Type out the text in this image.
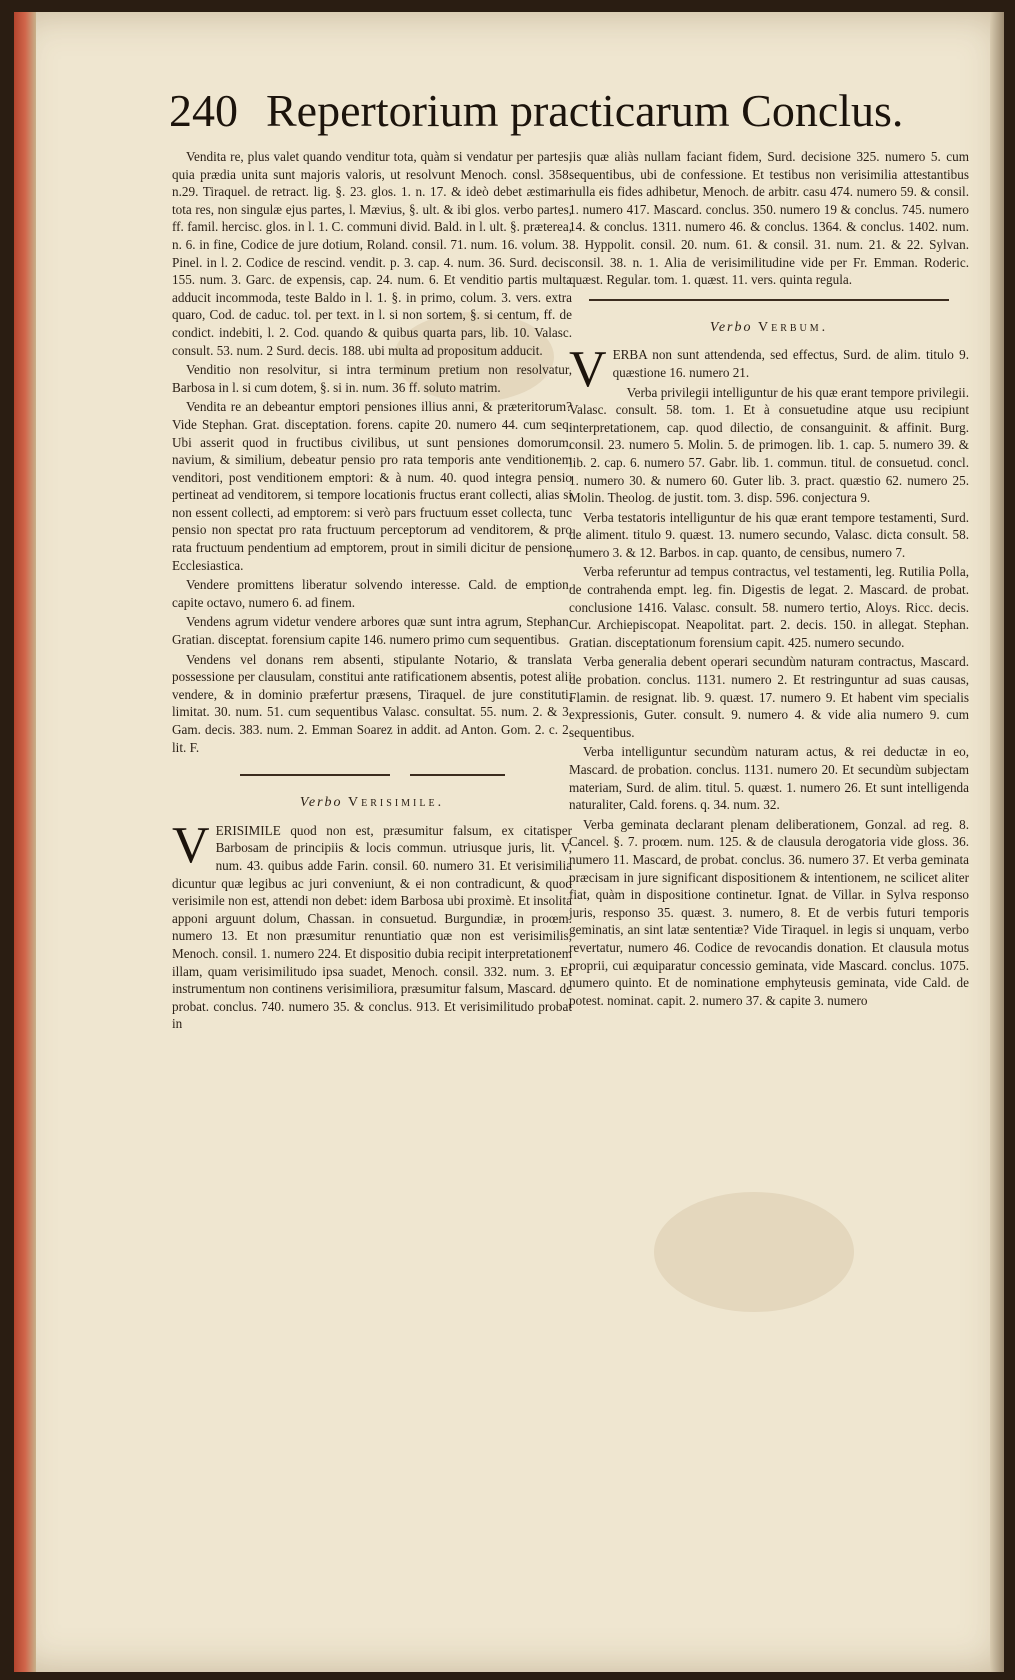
240 Repertorium practicarum Conclus.

Vendita re, plus valet quando venditur tota, quàm si vendatur per partes, quia prædia unita sunt majoris valoris, ut resolvunt Menoch. consl. 358. n.29. Tiraquel. de retract. lig. §. 23. glos. 1. n. 17. & ideò debet æstimari tota res, non singulæ ejus partes, l. Mævius, §. ult. & ibi glos. verbo partes, ff. famil. hercisc. glos. in l. 1. C. communi divid. Bald. in l. ult. §. præterea, n. 6. in fine, Codice de jure dotium, Roland. consil. 71. num. 16. volum. 3. Pinel. in l. 2. Codice de rescind. vendit. p. 3. cap. 4. num. 36. Surd. decis. 155. num. 3. Garc. de expensis, cap. 24. num. 6. Et venditio partis multa adducit incommoda, teste Baldo in l. 1. §. in primo, colum. 3. vers. extra quaro, Cod. de caduc. tol. per text. in l. si non sortem, §. si centum, ff. de condict. indebiti, l. 2. Cod. quando & quibus quarta pars, lib. 10. Valasc. consult. 53. num. 2 Surd. decis. 188. ubi multa ad propositum adducit.

Venditio non resolvitur, si intra terminum pretium non resolvatur, Barbosa in l. si cum dotem, §. si in. num. 36 ff. soluto matrim.

Vendita re an debeantur emptori pensiones illius anni, & præteritorum? Vide Stephan. Grat. disceptation. forens. capite 20. numero 44. cum seq. Ubi asserit quod in fructibus civilibus, ut sunt pensiones domorum, navium, & similium, debeatur pensio pro rata temporis ante venditionem venditori, post venditionem emptori: & à num. 40. quod integra pensio pertineat ad venditorem, si tempore locationis fructus erant collecti, alias si non essent collecti, ad emptorem: si verò pars fructuum esset collecta, tunc pensio non spectat pro rata fructuum perceptorum ad venditorem, & pro rata fructuum pendentium ad emptorem, prout in simili dicitur de pensione Ecclesiastica.

Vendere promittens liberatur solvendo interesse. Cald. de emption. capite octavo, numero 6. ad finem.

Vendens agrum videtur vendere arbores quæ sunt intra agrum, Stephan. Gratian. disceptat. forensium capite 146. numero primo cum sequentibus.

Vendens vel donans rem absenti, stipulante Notario, & translata possessione per clausulam, constitui ante ratificationem absentis, potest alii vendere, & in dominio præfertur præsens, Tiraquel. de jure constituti, limitat. 30. num. 51. cum sequentibus Valasc. consultat. 55. num. 2. & 3. Gam. decis. 383. num. 2. Emman Soarez in addit. ad Anton. Gom. 2. c. 2. lit. F.

Verbo Verisimile.

VERISIMILE quod non est, præsumitur falsum, ex citatisper Barbosam de principiis & locis commun. utriusque juris, lit. V, num. 43. quibus adde Farin. consil. 60. numero 31. Et verisimilia dicuntur quæ legibus ac juri conveniunt, & ei non contradicunt, & quod verisimile non est, attendi non debet: idem Barbosa ubi proximè. Et insolita apponi arguunt dolum, Chassan. in consuetud. Burgundiæ, in proœm. numero 13. Et non præsumitur renuntiatio quæ non est verisimilis, Menoch. consil. 1. numero 224. Et dispositio dubia recipit interpretationem illam, quam verisimilitudo ipsa suadet, Menoch. consil. 332. num. 3. Et instrumentum non continens verisimiliora, præsumitur falsum, Mascard. de probat. conclus. 740. numero 35. & conclus. 913. Et verisimilitudo probat in

iis quæ aliàs nullam faciant fidem, Surd. decisione 325. numero 5. cum sequentibus, ubi de confessione. Et testibus non verisimilia attestantibus nulla eis fides adhibetur, Menoch. de arbitr. casu 474. numero 59. & consil. 1. numero 417. Mascard. conclus. 350. numero 19 & conclus. 745. numero 14. & conclus. 1311. numero 46. & conclus. 1364. & conclus. 1402. num. 8. Hyppolit. consil. 20. num. 61. & consil. 31. num. 21. & 22. Sylvan. consil. 38. n. 1. Alia de verisimilitudine vide per Fr. Emman. Roderic. quæst. Regular. tom. 1. quæst. 11. vers. quinta regula.

Verbo Verbum.

VERBA non sunt attendenda, sed effectus, Surd. de alim. titulo 9. quæstione 16. numero 21.

Verba privilegii intelliguntur de his quæ erant tempore privilegii. Valasc. consult. 58. tom. 1. Et à consuetudine atque usu recipiunt interpretationem, cap. quod dilectio, de consanguinit. & affinit. Burg. consil. 23. numero 5. Molin. 5. de primogen. lib. 1. cap. 5. numero 39. & lib. 2. cap. 6. numero 57. Gabr. lib. 1. commun. titul. de consuetud. concl. 1. numero 30. & numero 60. Guter lib. 3. pract. quæstio 62. numero 25. Molin. Theolog. de justit. tom. 3. disp. 596. conjectura 9.

Verba testatoris intelliguntur de his quæ erant tempore testamenti, Surd. de aliment. titulo 9. quæst. 13. numero secundo, Valasc. dicta consult. 58. numero 3. & 12. Barbos. in cap. quanto, de censibus, numero 7.

Verba referuntur ad tempus contractus, vel testamenti, leg. Rutilia Polla, de contrahenda empt. leg. fin. Digestis de legat. 2. Mascard. de probat. conclusione 1416. Valasc. consult. 58. numero tertio, Aloys. Ricc. decis. Cur. Archiepiscopat. Neapolitat. part. 2. decis. 150. in allegat. Stephan. Gratian. disceptationum forensium capit. 425. numero secundo.

Verba generalia debent operari secundùm naturam contractus, Mascard. de probation. conclus. 1131. numero 2. Et restringuntur ad suas causas, Flamin. de resignat. lib. 9. quæst. 17. numero 9. Et habent vim specialis expressionis, Guter. consult. 9. numero 4. & vide alia numero 9. cum sequentibus.

Verba intelliguntur secundùm naturam actus, & rei deductæ in eo, Mascard. de probation. conclus. 1131. numero 20. Et secundùm subjectam materiam, Surd. de alim. titul. 5. quæst. 1. numero 26. Et sunt intelligenda naturaliter, Cald. forens. q. 34. num. 32.

Verba geminata declarant plenam deliberationem, Gonzal. ad reg. 8. Cancel. §. 7. proœm. num. 125. & de clausula derogatoria vide gloss. 36. numero 11. Mascard, de probat. conclus. 36. numero 37. Et verba geminata præcisam in jure significant dispositionem & intentionem, ne scilicet aliter fiat, quàm in dispositione continetur. Ignat. de Villar. in Sylva responso juris, responso 35. quæst. 3. numero, 8. Et de verbis futuri temporis geminatis, an sint latæ sententiæ? Vide Tiraquel. in legis si unquam, verbo revertatur, numero 46. Codice de revocandis donation. Et clausula motus proprii, cui æquiparatur concessio geminata, vide Mascard. conclus. 1075. numero quinto. Et de nominatione emphyteusis geminata, vide Cald. de potest. nominat. capit. 2. numero 37. & capite 3. numero
